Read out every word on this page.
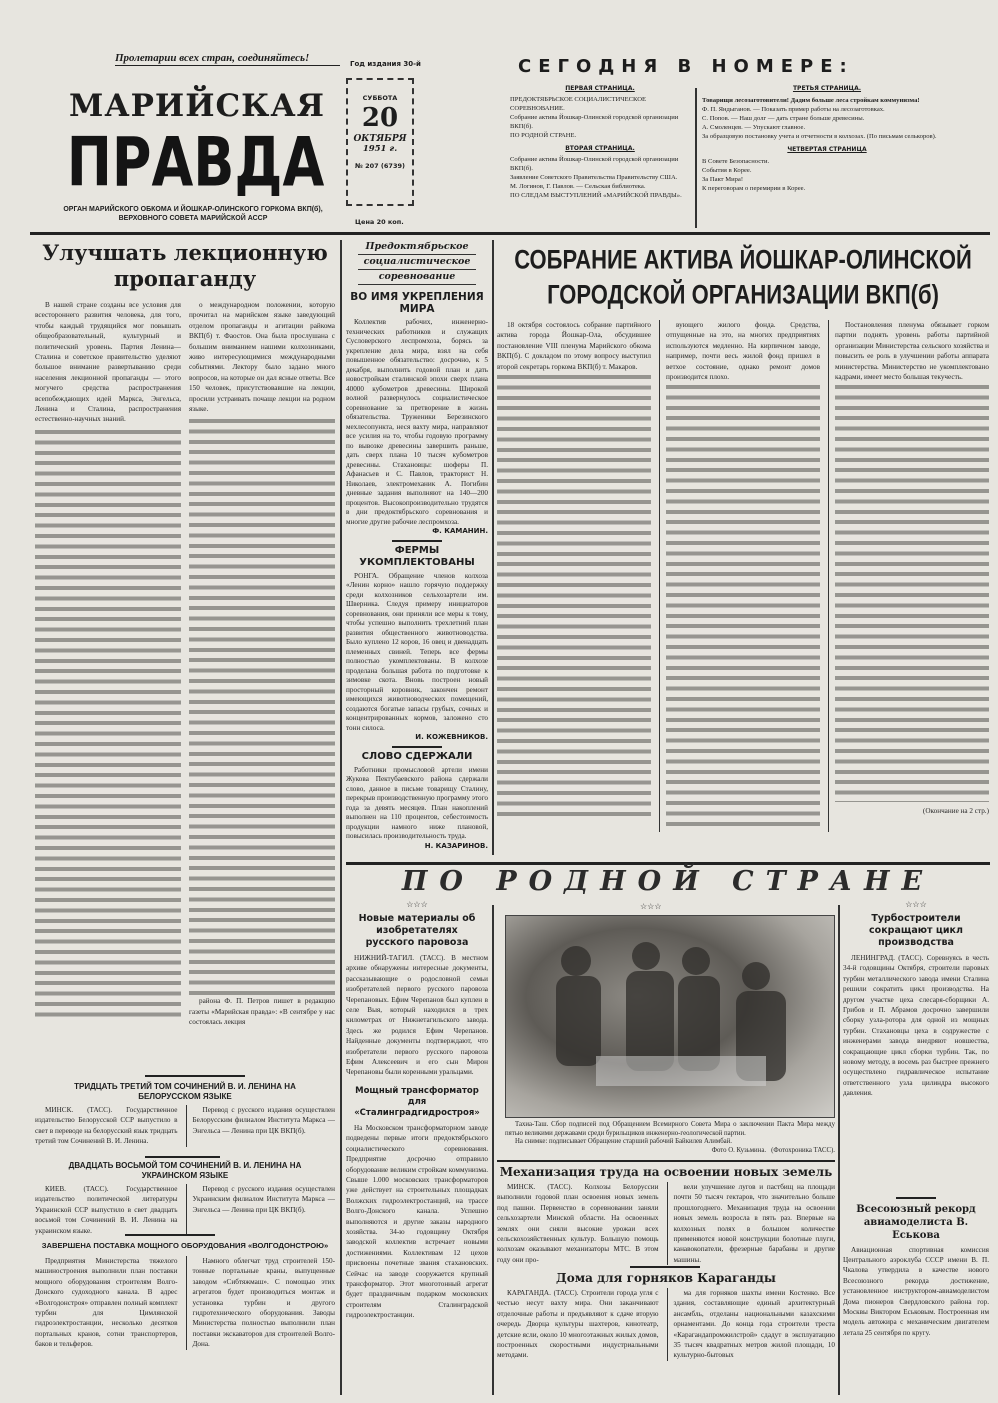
Пролетарии всех стран, соединяйтесь!	Год издания 30-й
МАРИЙСКАЯ
ПРАВДА
ОРГАН МАРИЙСКОГО ОБКОМА И ЙОШКАР-ОЛИНСКОГО ГОРКОМА ВКП(б),
ВЕРХОВНОГО СОВЕТА МАРИЙСКОЙ АССР
СУББОТА
20
ОКТЯБРЯ
1951 г.
№ 207 (6739)
Цена 20 коп.
СЕГОДНЯ В НОМЕРЕ:
ПЕРВАЯ СТРАНИЦА.
ПРЕДОКТЯБРЬСКОЕ СОЦИАЛИСТИЧЕСКОЕ СОРЕВНОВАНИЕ.
Собрание актива Йошкар-Олинской городской организации ВКП(б).
ПО РОДНОЙ СТРАНЕ.
ВТОРАЯ СТРАНИЦА.
Собрание актива Йошкар-Олинской городской организации ВКП(б).
Заявление Советского Правительства Правительству США.
М. Логинов, Г. Павлов. — Сельская библиотека.
ПО СЛЕДАМ ВЫСТУПЛЕНИЙ «МАРИЙСКОЙ ПРАВДЫ».
ТРЕТЬЯ СТРАНИЦА.
Товарищи лесозаготовители! Дадим больше леса стройкам коммунизма!
Ф. П. Яндыганов. — Показать пример работы на лесозаготовках.
С. Попов. — Наш долг — дать стране больше древесины.
А. Смоленцев. — Упускают главное.
За образцовую постановку учета и отчетности в колхозах. (По письмам селькоров).
ЧЕТВЕРТАЯ СТРАНИЦА
В Совете Безопасности.
События в Корее.
За Пакт Мира!
К переговорам о перемирии в Корее.
Улучшать лекционную
пропаганду

В нашей стране созданы все условия для всестороннего развития человека, для того, чтобы каждый трудящийся мог повышать общеобразовательный, культурный и политический уровень. Партия Ленина—Сталина и советское правительство уделяют большое внимание развертыванию среди населения лекционной пропаганды — этого могучего средства распространения всепобеждающих идей Маркса, Энгельса, Ленина и Сталина, распространения естественно-научных знаний.

о международном положении, которую прочитал на марийском языке заведующий отделом пропаганды и агитации райкома ВКП(б) т. Фаостов. Она была прослушана с большим вниманием нашими колхозниками, живо интересующимися международными событиями. Лектору было задано много вопросов, на которые он дал ясные ответы. Все 150 человек, присутствовавшие на лекции, просили устраивать почаще лекции на родном языке.

района Ф. П. Петров пишет в редакцию газеты «Марийская правда»: «В сентябре у нас состоялась лекция

ТРИДЦАТЬ ТРЕТИЙ ТОМ СОЧИНЕНИЙ В. И. ЛЕНИНА НА БЕЛОРУССКОМ ЯЗЫКЕ

МИНСК. (ТАСС). Государственное издательство Белорусской ССР выпустило в свет в переводе на белорусский язык тридцать третий том Сочинений В. И. Ленина.

Перевод с русского издания осуществлен Белорусским филиалом Института Маркса — Энгельса — Ленина при ЦК ВКП(б).

ДВАДЦАТЬ ВОСЬМОЙ ТОМ СОЧИНЕНИЙ В. И. ЛЕНИНА НА УКРАИНСКОМ ЯЗЫКЕ

КИЕВ. (ТАСС). Государственное издательство политической литературы Украинской ССР выпустило в свет двадцать восьмой том Сочинений В. И. Ленина на украинском языке.

Перевод с русского издания осуществлен Украинским филиалом Института Маркса — Энгельса — Ленина при ЦК ВКП(б).

ЗАВЕРШЕНА ПОСТАВКА МОЩНОГО ОБОРУДОВАНИЯ «ВОЛГОДОНСТРОЮ»

Предприятия Министерства тяжелого машиностроения выполнили план поставки мощного оборудования строителям Волго-Донского судоходного канала. В адрес «Волгодонстроя» отправлен полный комплект турбин для Цимлянской гидроэлектростанции, несколько десятков портальных кранов, сотни транспортеров, баков и тельферов.

Намного облегчат труд строителей 150-тонные портальные краны, выпущенные заводом «Сибтяжмаш». С помощью этих агрегатов будет производиться монтаж и установка турбин и другого гидротехнического оборудования. Заводы Министерства полностью выполнили план поставки экскаваторов для строителей Волго-Дона.

Предоктябрьское
социалистическое
соревнование
ВО ИМЯ УКРЕПЛЕНИЯ МИРА

Коллектив рабочих, инженерно-технических работников и служащих Сусловерского леспромхоза, борясь за укрепление дела мира, взял на себя повышенное обязательство: досрочно, к 5 декабря, выполнить годовой план и дать новостройкам сталинской эпохи сверх плана 40000 кубометров древесины. Широкой волной развернулось социалистическое соревнование за претворение в жизнь обязательства. Труженики Березинского мехлесопункта, неся вахту мира, направляют все усилия на то, чтобы годовую программу по вывозке древесины завершить раньше, дать сверх плана 10 тысяч кубометров древесины. Стахановцы: шоферы П. Афанасьев и С. Павлов, тракторист Н. Николаев, электромеханик А. Погибин дневные задания выполняют на 140—200 процентов. Высокопроизводительно трудятся в дни предоктябрьского соревнования и многие другие рабочие леспромхоза.

Ф. КАМАНИН.
ФЕРМЫ УКОМПЛЕКТОВАНЫ

РОНГА. Обращение членов колхоза «Ленин корно» нашло горячую поддержку среди колхозников сельхозартели им. Шверника. Следуя примеру инициаторов соревнования, они приняли все меры к тому, чтобы успешно выполнить трехлетний план развития общественного животноводства. Было куплено 12 коров, 16 овец и двенадцать племенных свиней. Теперь все фермы полностью укомплектованы. В колхозе проделана большая работа по подготовке к зимовке скота. Вновь построен новый просторный коровник, закончен ремонт имеющихся животноводческих помещений, создаются богатые запасы грубых, сочных и концентрированных кормов, заложено сто тонн силоса.

И. КОЖЕВНИКОВ.
СЛОВО СДЕРЖАЛИ

Работники промысловой артели имени Жукова Пектубаевского района сдержали слово, данное в письме товарищу Сталину, перекрыв производственную программу этого года за девять месяцев. План накоплений выполнен на 110 процентов, себестоимость продукции намного ниже плановой, повысилась производительность труда.

Н. КАЗАРИНОВ.
СОБРАНИЕ АКТИВА ЙОШКАР-ОЛИНСКОЙ
ГОРОДСКОЙ ОРГАНИЗАЦИИ ВКП(б)

18 октября состоялось собрание партийного актива города Йошкар-Ола, обсудившее постановление VIII пленума Марийского обкома ВКП(б). С докладом по этому вопросу выступил второй секретарь горкома ВКП(б) т. Макаров.

вующего жилого фонда. Средства, отпущенные на это, на многих предприятиях используются медленно. На кирпичном заводе, например, почти весь жилой фонд пришел в ветхое состояние, однако ремонт домов производится плохо.

Постановления пленума обязывает горком партии поднять уровень работы партийной организации Министерства сельского хозяйства и повысить ее роль в улучшении работы аппарата министерства. Министерство не укомплектовано кадрами, имеет место большая текучесть.

(Окончание на 2 стр.)
ПО РОДНОЙ СТРАНЕ
☆☆☆
Новые материалы об изобретателях русского паровоза

НИЖНИЙ-ТАГИЛ. (ТАСС). В местном архиве обнаружены интересные документы, рассказывающие о родословной семьи изобретателей первого русского паровоза Черепановых. Ефим Черепанов был куплен в селе Выя, который находился в трех километрах от Нижнетагильского завода. Здесь же родился Ефим Черепанов. Найденные документы подтверждают, что изобретатели первого русского паровоза Ефим Алексеевич и его сын Мирон Черепановы были коренными уральцами.

Мощный трансформатор для «Сталинградгидростроя»

На Московском трансформаторном заводе подведены первые итоги предоктябрьского социалистического соревнования. Предприятие досрочно отправило оборудование великим стройкам коммунизма. Свыше 1.000 московских трансформаторов уже действует на строительных площадках Волжских гидроэлектростанций, на трассе Волго-Донского канала. Успешно выполняются и другие заказы народного хозяйства. 34-ю годовщину Октября заводской коллектив встречает новыми достижениями. Коллективам 12 цехов присвоены почетные звания стахановских. Сейчас на заводе сооружается крупный трансформатор. Этот многотонный агрегат будет праздничным подарком московских строителям Сталинградской гидроэлектростанции.

☆☆☆

Тахиа-Таш. Сбор подписей под Обращением Всемирного Совета Мира о заключении Пакта Мира между пятью великими державами среди бурильщиков инженерно-геологической партии.

На снимке: подписывает Обращение старший рабочий Байкилев Алимбай.

Фото О. Кузьмина.   (Фотохроника ТАСС).
Механизация труда на освоении новых земель

МИНСК. (ТАСС). Колхозы Белоруссии выполнили годовой план освоения новых земель под пашни. Первенство в соревновании заняли сельхозартели Минской области. На освоенных землях они сняли высокие урожаи всех сельскохозяйственных культур. Большую помощь колхозам оказывают механизаторы МТС. В этом году они про-

вели улучшение лугов и пастбищ на площади почти 50 тысяч гектаров, что значительно больше прошлогоднего. Механизация труда на освоении новых земель возросла в пять раз. Впервые на колхозных полях в большом количестве применяются новой конструкции болотные плуги, канавокопатели, фрезерные барабаны и другие машины.

Дома для горняков Караганды

КАРАГАНДА. (ТАСС). Строители города угля с честью несут вахту мира. Они заканчивают отделочные работы и предъявляют к сдаче вторую очередь Дворца культуры шахтеров, кинотеатр, детские ясли, около 10 многоэтажных жилых домов, построенных скоростными индустриальными методами.

ма для горняков шахты имени Костенко. Все здания, составляющие единый архитектурный ансамбль, отделаны национальными казахскими орнаментами. До конца года строители треста «Карагандапромжилстрой» сдадут в эксплуатацию 35 тысяч квадратных метров жилой площади, 10 культурно-бытовых

☆☆☆
Турбостроители сокращают цикл производства

ЛЕНИНГРАД. (ТАСС). Соревнуясь в честь 34-й годовщины Октября, строители паровых турбин металлического завода имени Сталина решили сократить цикл производства. На другом участке цеха слесаря-сборщики А. Грибов и П. Абрамов досрочно завершили сборку узла-ротора для одной из мощных турбин. Стахановцы цеха в содружестве с инженерами завода внедряют новшества, сокращающие цикл сборки турбин. Так, по новому методу, в восемь раз быстрее прежнего осуществлено гидравлическое испытание ответственного узла цилиндра высокого давления.

Всесоюзный рекорд авиамоделиста В. Еськова

Авиационная спортивная комиссия Центрального аэроклуба СССР имени В. П. Чкалова утвердила в качестве нового Всесоюзного рекорда достижение, установленное инструктором-авиамоделистом Дома пионеров Свердловского района гор. Москвы Виктором Еськовым. Построенная им модель автожира с механическим двигателем летала 25 сентября по кругу.
